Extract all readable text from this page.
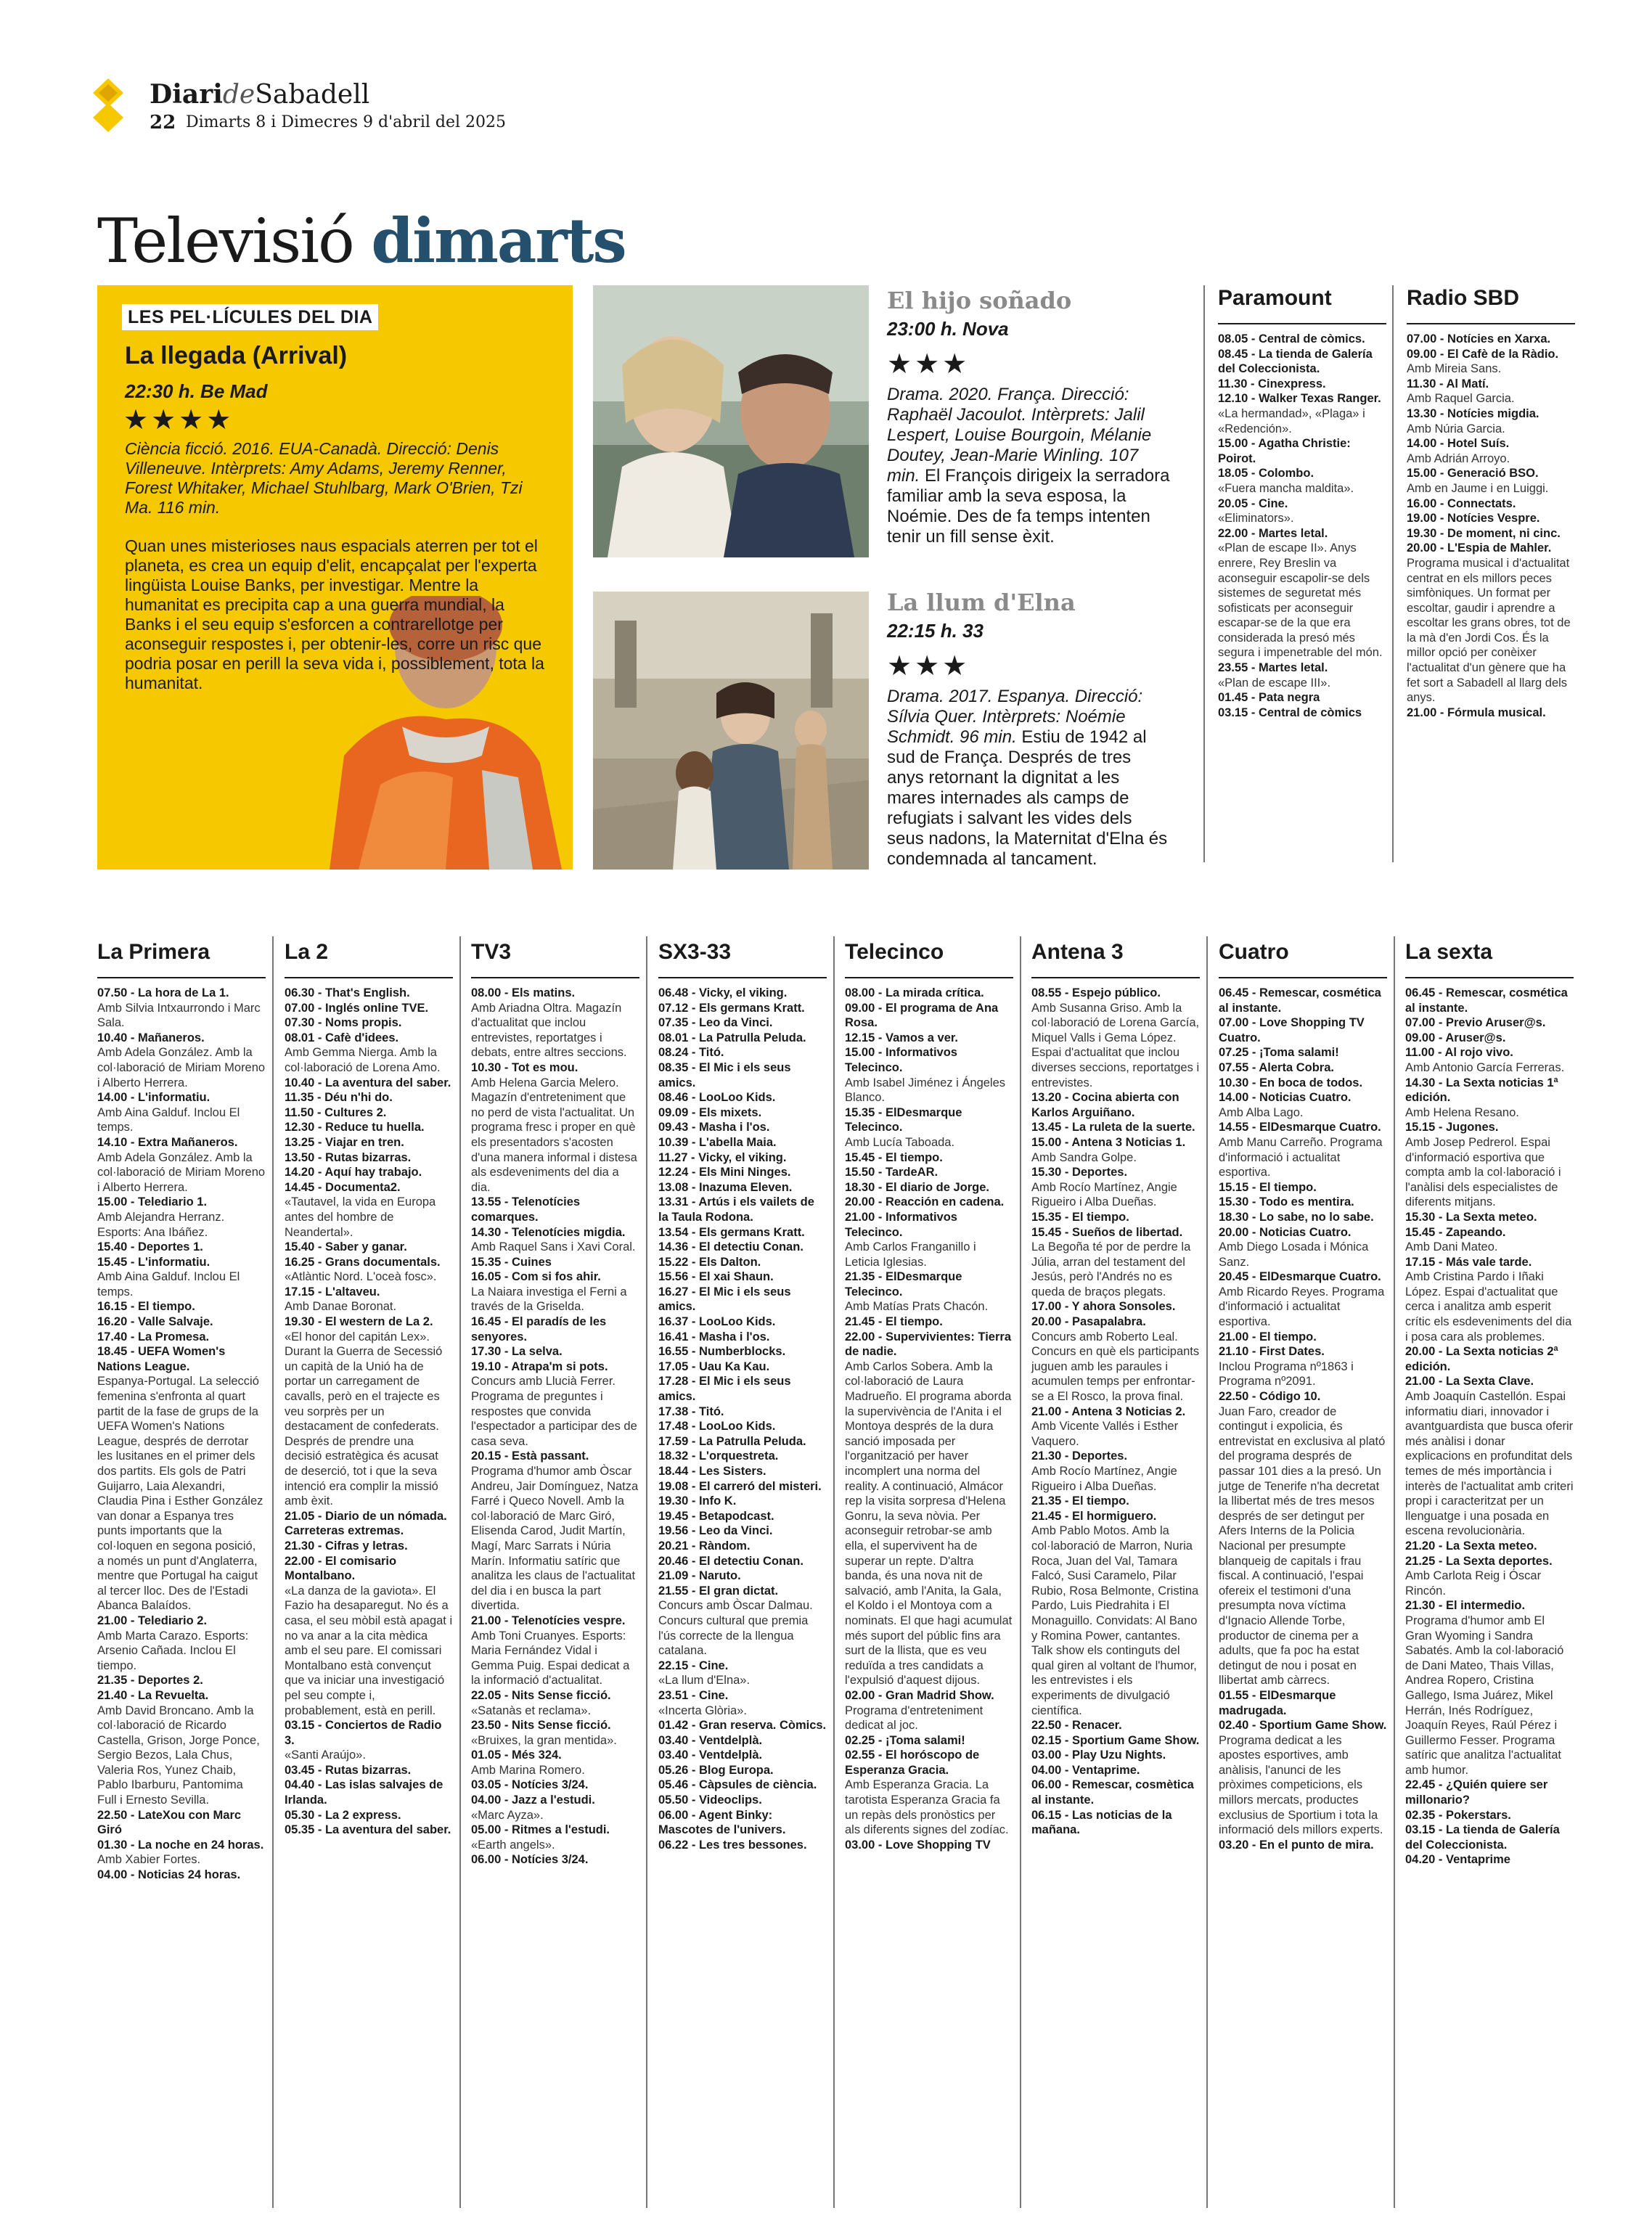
DiarideSabadell
22 Dimarts 8 i Dimecres 9 d'abril del 2025
Televisió dimarts
LES PEL·LÍCULES DEL DIA
La llegada (Arrival)
22:30 h. Be Mad
★★★★
Ciència ficció. 2016. EUA-Canadà. Direcció: Denis Villeneuve. Intèrprets: Amy Adams, Jeremy Renner, Forest Whitaker, Michael Stuhlbarg, Mark O'Brien, Tzi Ma. 116 min.
Quan unes misterioses naus espacials aterren per tot el planeta, es crea un equip d'elit, encapçalat per l'experta lingüista Louise Banks, per investigar. Mentre la humanitat es precipita cap a una guerra mundial, la Banks i el seu equip s'esforcen a contrarellotge per aconseguir respostes i, per obtenir-les, corre un risc que podria posar en perill la seva vida i, possiblement, tota la humanitat.
El hijo soñado
23:00 h. Nova
★★★
Drama. 2020. França. Direcció: Raphaël Jacoulot. Intèrprets: Jalil Lespert, Louise Bourgoin, Mélanie Doutey, Jean-Marie Winling. 107 min. El François dirigeix la serradora familiar amb la seva esposa, la Noémie. Des de fa temps intenten tenir un fill sense èxit.
La llum d'Elna
22:15 h. 33
★★★
Drama. 2017. Espanya. Direcció: Sílvia Quer. Intèrprets: Noémie Schmidt. 96 min. Estiu de 1942 al sud de França. Després de tres anys retornant la dignitat a les mares internades als camps de refugiats i salvant les vides dels seus nadons, la Maternitat d'Elna és condemnada al tancament.
Paramount
08.05 - Central de còmics.
08.45 - La tienda de Galería del Coleccionista.
11.30 - Cinexpress.
12.10 - Walker Texas Ranger.
«La hermandad», «Plaga» i «Redención».
15.00 - Agatha Christie: Poirot.
18.05 - Colombo.
«Fuera mancha maldita».
20.05 - Cine.
«Eliminators».
22.00 - Martes letal.
«Plan de escape II». Anys enrere, Rey Breslin va aconseguir escapolir-se dels sistemes de seguretat més sofisticats per aconseguir escapar-se de la que era considerada la presó més segura i impenetrable del món.
23.55 - Martes letal.
«Plan de escape III».
01.45 - Pata negra
03.15 - Central de còmics
Radio SBD
07.00 - Notícies en Xarxa.
09.00 - El Cafè de la Ràdio.
Amb Mireia Sans.
11.30 - Al Matí.
Amb Raquel Garcia.
13.30 - Notícies migdia.
Amb Núria Garcia.
14.00 - Hotel Suís.
Amb Adrián Arroyo.
15.00 - Generació BSO.
Amb en Jaume i en Luiggi.
16.00 - Connectats.
19.00 - Notícies Vespre.
19.30 - De moment, ni cinc.
20.00 - L'Espia de Mahler.
Programa musical i d'actualitat centrat en els millors peces simfòniques. Un format per escoltar, gaudir i aprendre a escoltar les grans obres, tot de la mà d'en Jordi Cos. És la millor opció per conèixer l'actualitat d'un gènere que ha fet sort a Sabadell al llarg dels anys.
21.00 - Fórmula musical.
La Primera
07.50 - La hora de La 1.
Amb Silvia Intxaurrondo i Marc Sala.
10.40 - Mañaneros.
Amb Adela González. Amb la col·laboració de Miriam Moreno i Alberto Herrera.
14.00 - L'informatiu.
Amb Aina Galduf. Inclou El temps.
14.10 - Extra Mañaneros.
Amb Adela González. Amb la col·laboració de Miriam Moreno i Alberto Herrera.
15.00 - Telediario 1.
Amb Alejandra Herranz. Esports: Ana Ibáñez.
15.40 - Deportes 1.
15.45 - L'informatiu.
Amb Aina Galduf. Inclou El temps.
16.15 - El tiempo.
16.20 - Valle Salvaje.
17.40 - La Promesa.
18.45 - UEFA Women's Nations League.
Espanya-Portugal. La selecció femenina s'enfronta al quart partit de la fase de grups de la UEFA Women's Nations League, després de derrotar les lusitanes en el primer dels dos partits. Els gols de Patri Guijarro, Laia Alexandri, Claudia Pina i Esther González van donar a Espanya tres punts importants que la col·loquen en segona posició, a només un punt d'Anglaterra, mentre que Portugal ha caigut al tercer lloc. Des de l'Estadi Abanca Balaídos.
21.00 - Telediario 2.
Amb Marta Carazo. Esports: Arsenio Cañada. Inclou El tiempo.
21.35 - Deportes 2.
21.40 - La Revuelta.
Amb David Broncano. Amb la col·laboració de Ricardo Castella, Grison, Jorge Ponce, Sergio Bezos, Lala Chus, Valeria Ros, Yunez Chaib, Pablo Ibarburu, Pantomima Full i Ernesto Sevilla.
22.50 - LateXou con Marc Giró
01.30 - La noche en 24 horas.
Amb Xabier Fortes.
04.00 - Noticias 24 horas.
La 2
06.30 - That's English.
07.00 - Inglés online TVE.
07.30 - Noms propis.
08.01 - Cafè d'idees.
Amb Gemma Nierga. Amb la col·laboració de Lorena Amo.
10.40 - La aventura del saber.
11.35 - Déu n'hi do.
11.50 - Cultures 2.
12.30 - Reduce tu huella.
13.25 - Viajar en tren.
13.50 - Rutas bizarras.
14.20 - Aquí hay trabajo.
14.45 - Documenta2.
«Tautavel, la vida en Europa antes del hombre de Neandertal».
15.40 - Saber y ganar.
16.25 - Grans documentals.
«Atlàntic Nord. L'oceà fosc».
17.15 - L'altaveu.
Amb Danae Boronat.
19.30 - El western de La 2.
«El honor del capitán Lex». Durant la Guerra de Secessió un capità de la Unió ha de portar un carregament de cavalls, però en el trajecte es veu sorprès per un destacament de confederats. Després de prendre una decisió estratègica és acusat de deserció, tot i que la seva intenció era complir la missió amb èxit.
21.05 - Diario de un nómada. Carreteras extremas.
21.30 - Cifras y letras.
22.00 - El comisario Montalbano.
«La danza de la gaviota». El Fazio ha desaparegut. No és a casa, el seu mòbil està apagat i no va anar a la cita mèdica amb el seu pare. El comissari Montalbano està convençut que va iniciar una investigació pel seu compte i, probablement, està en perill.
03.15 - Conciertos de Radio 3.
«Santi Araújo».
03.45 - Rutas bizarras.
04.40 - Las islas salvajes de Irlanda.
05.30 - La 2 express.
05.35 - La aventura del saber.
TV3
08.00 - Els matins.
Amb Ariadna Oltra. Magazín d'actualitat que inclou entrevistes, reportatges i debats, entre altres seccions.
10.30 - Tot es mou.
Amb Helena Garcia Melero. Magazín d'entreteniment que no perd de vista l'actualitat. Un programa fresc i proper en què els presentadors s'acosten d'una manera informal i distesa als esdeveniments del dia a dia.
13.55 - Telenotícies comarques.
14.30 - Telenotícies migdia.
Amb Raquel Sans i Xavi Coral.
15.35 - Cuines
16.05 - Com si fos ahir.
La Naiara investiga el Ferni a través de la Griselda.
16.45 - El paradís de les senyores.
17.30 - La selva.
19.10 - Atrapa'm si pots.
Concurs amb Llucià Ferrer. Programa de preguntes i respostes que convida l'espectador a participar des de casa seva.
20.15 - Està passant.
Programa d'humor amb Òscar Andreu, Jair Domínguez, Natza Farré i Queco Novell. Amb la col·laboració de Marc Giró, Elisenda Carod, Judit Martín, Magí, Marc Sarrats i Núria Marín. Informatiu satíric que analitza les claus de l'actualitat del dia i en busca la part divertida.
21.00 - Telenotícies vespre.
Amb Toni Cruanyes. Esports: Maria Fernández Vidal i Gemma Puig. Espai dedicat a la informació d'actualitat.
22.05 - Nits Sense ficció.
«Satanàs et reclama».
23.50 - Nits Sense ficció.
«Bruixes, la gran mentida».
01.05 - Més 324.
Amb Marina Romero.
03.05 - Notícies 3/24.
04.00 - Jazz a l'estudi.
«Marc Ayza».
05.00 - Ritmes a l'estudi.
«Earth angels».
06.00 - Notícies 3/24.
SX3-33
06.48 - Vicky, el viking.
07.12 - Els germans Kratt.
07.35 - Leo da Vinci.
08.01 - La Patrulla Peluda.
08.24 - Titó.
08.35 - El Mic i els seus amics.
08.46 - LooLoo Kids.
09.09 - Els mixets.
09.43 - Masha i l'os.
10.39 - L'abella Maia.
11.27 - Vicky, el viking.
12.24 - Els Mini Ninges.
13.08 - Inazuma Eleven.
13.31 - Artús i els vailets de la Taula Rodona.
13.54 - Els germans Kratt.
14.36 - El detectiu Conan.
15.22 - Els Dalton.
15.56 - El xai Shaun.
16.27 - El Mic i els seus amics.
16.37 - LooLoo Kids.
16.41 - Masha i l'os.
16.55 - Numberblocks.
17.05 - Uau Ka Kau.
17.28 - El Mic i els seus amics.
17.38 - Titó.
17.48 - LooLoo Kids.
17.59 - La Patrulla Peluda.
18.32 - L'orquestreta.
18.44 - Les Sisters.
19.08 - El carreró del misteri.
19.30 - Info K.
19.45 - Betapodcast.
19.56 - Leo da Vinci.
20.21 - Ràndom.
20.46 - El detectiu Conan.
21.09 - Naruto.
21.55 - El gran dictat.
Concurs amb Òscar Dalmau. Concurs cultural que premia l'ús correcte de la llengua catalana.
22.15 - Cine.
«La llum d'Elna».
23.51 - Cine.
«Incerta Glòria».
01.42 - Gran reserva. Còmics.
03.40 - Ventdelplà.
03.40 - Ventdelplà.
05.26 - Blog Europa.
05.46 - Càpsules de ciència.
05.50 - Videoclips.
06.00 - Agent Binky: Mascotes de l'univers.
06.22 - Les tres bessones.
Telecinco
08.00 - La mirada crítica.
09.00 - El programa de Ana Rosa.
12.15 - Vamos a ver.
15.00 - Informativos Telecinco.
Amb Isabel Jiménez i Ángeles Blanco.
15.35 - ElDesmarque Telecinco.
Amb Lucía Taboada.
15.45 - El tiempo.
15.50 - TardeAR.
18.30 - El diario de Jorge.
20.00 - Reacción en cadena.
21.00 - Informativos Telecinco.
Amb Carlos Franganillo i Leticia Iglesias.
21.35 - ElDesmarque Telecinco.
Amb Matías Prats Chacón.
21.45 - El tiempo.
22.00 - Supervivientes: Tierra de nadie.
Amb Carlos Sobera. Amb la col·laboració de Laura Madrueño. El programa aborda la supervivència de l'Anita i el Montoya després de la dura sanció imposada per l'organització per haver incomplert una norma del reality. A continuació, Almácor rep la visita sorpresa d'Helena Gonru, la seva nòvia. Per aconseguir retrobar-se amb ella, el supervivent ha de superar un repte. D'altra banda, és una nova nit de salvació, amb l'Anita, la Gala, el Koldo i el Montoya com a nominats. El que hagi acumulat més suport del públic fins ara surt de la llista, que es veu reduïda a tres candidats a l'expulsió d'aquest dijous.
02.00 - Gran Madrid Show.
Programa d'entreteniment dedicat al joc.
02.25 - ¡Toma salami!
02.55 - El horóscopo de Esperanza Gracia.
Amb Esperanza Gracia. La tarotista Esperanza Gracia fa un repàs dels pronòstics per als diferents signes del zodíac.
03.00 - Love Shopping TV
Antena 3
08.55 - Espejo público.
Amb Susanna Griso. Amb la col·laboració de Lorena García, Miquel Valls i Gema López. Espai d'actualitat que inclou diverses seccions, reportatges i entrevistes.
13.20 - Cocina abierta con Karlos Arguiñano.
13.45 - La ruleta de la suerte.
15.00 - Antena 3 Noticias 1.
Amb Sandra Golpe.
15.30 - Deportes.
Amb Rocío Martínez, Angie Rigueiro i Alba Dueñas.
15.35 - El tiempo.
15.45 - Sueños de libertad.
La Begoña té por de perdre la Júlia, arran del testament del Jesús, però l'Andrés no es queda de braços plegats.
17.00 - Y ahora Sonsoles.
20.00 - Pasapalabra.
Concurs amb Roberto Leal. Concurs en què els participants juguen amb les paraules i acumulen temps per enfrontar-se a El Rosco, la prova final.
21.00 - Antena 3 Noticias 2.
Amb Vicente Vallés i Esther Vaquero.
21.30 - Deportes.
Amb Rocío Martínez, Angie Rigueiro i Alba Dueñas.
21.35 - El tiempo.
21.45 - El hormiguero.
Amb Pablo Motos. Amb la col·laboració de Marron, Nuria Roca, Juan del Val, Tamara Falcó, Susi Caramelo, Pilar Rubio, Rosa Belmonte, Cristina Pardo, Luis Piedrahita i El Monaguillo. Convidats: Al Bano y Romina Power, cantantes. Talk show els continguts del qual giren al voltant de l'humor, les entrevistes i els experiments de divulgació científica.
22.50 - Renacer.
02.15 - Sportium Game Show.
03.00 - Play Uzu Nights.
04.00 - Ventaprime.
06.00 - Remescar, cosmètica al instante.
06.15 - Las noticias de la mañana.
Cuatro
06.45 - Remescar, cosmética al instante.
07.00 - Love Shopping TV Cuatro.
07.25 - ¡Toma salami!
07.55 - Alerta Cobra.
10.30 - En boca de todos.
14.00 - Noticias Cuatro.
Amb Alba Lago.
14.55 - ElDesmarque Cuatro.
Amb Manu Carreño. Programa d'informació i actualitat esportiva.
15.15 - El tiempo.
15.30 - Todo es mentira.
18.30 - Lo sabe, no lo sabe.
20.00 - Noticias Cuatro.
Amb Diego Losada i Mónica Sanz.
20.45 - ElDesmarque Cuatro.
Amb Ricardo Reyes. Programa d'informació i actualitat esportiva.
21.00 - El tiempo.
21.10 - First Dates.
Inclou Programa nº1863 i Programa nº2091.
22.50 - Código 10.
Juan Faro, creador de contingut i expolicia, és entrevistat en exclusiva al plató del programa després de passar 101 dies a la presó. Un jutge de Tenerife n'ha decretat la llibertat més de tres mesos després de ser detingut per Afers Interns de la Policia Nacional per presumpte blanqueig de capitals i frau fiscal. A continuació, l'espai ofereix el testimoni d'una presumpta nova víctima d'Ignacio Allende Torbe, productor de cinema per a adults, que fa poc ha estat detingut de nou i posat en llibertat amb càrrecs.
01.55 - ElDesmarque madrugada.
02.40 - Sportium Game Show.
Programa dedicat a les apostes esportives, amb anàlisis, l'anunci de les pròximes competicions, els millors mercats, productes exclusius de Sportium i tota la informació dels millors experts.
03.20 - En el punto de mira.
La sexta
06.45 - Remescar, cosmética al instante.
07.00 - Previo Aruser@s.
09.00 - Aruser@s.
11.00 - Al rojo vivo.
Amb Antonio García Ferreras.
14.30 - La Sexta noticias 1ª edición.
Amb Helena Resano.
15.15 - Jugones.
Amb Josep Pedrerol. Espai d'informació esportiva que compta amb la col·laboració i l'anàlisi dels especialistes de diferents mitjans.
15.30 - La Sexta meteo.
15.45 - Zapeando.
Amb Dani Mateo.
17.15 - Más vale tarde.
Amb Cristina Pardo i Iñaki López. Espai d'actualitat que cerca i analitza amb esperit crític els esdeveniments del dia i posa cara als problemes.
20.00 - La Sexta noticias 2ª edición.
21.00 - La Sexta Clave.
Amb Joaquín Castellón. Espai informatiu diari, innovador i avantguardista que busca oferir més anàlisi i donar explicacions en profunditat dels temes de més importància i interès de l'actualitat amb criteri propi i caracteritzat per un llenguatge i una posada en escena revolucionària.
21.20 - La Sexta meteo.
21.25 - La Sexta deportes.
Amb Carlota Reig i Óscar Rincón.
21.30 - El intermedio.
Programa d'humor amb El Gran Wyoming i Sandra Sabatés. Amb la col·laboració de Dani Mateo, Thais Villas, Andrea Ropero, Cristina Gallego, Isma Juárez, Mikel Herrán, Inés Rodríguez, Joaquín Reyes, Raúl Pérez i Guillermo Fesser. Programa satíric que analitza l'actualitat amb humor.
22.45 - ¿Quién quiere ser millonario?
02.35 - Pokerstars.
03.15 - La tienda de Galería del Coleccionista.
04.20 - Ventaprime
